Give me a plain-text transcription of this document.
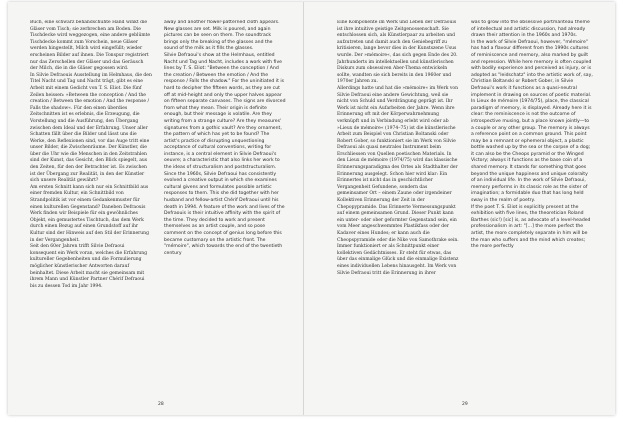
Buch, eine schwarz behandschuhte Hand winkt die Gläser vom Tisch; sie zerbrechen am Boden. Die Tischdecke wird weggezogen, eine andere geblümte Tischdecke kommt zum Vorschein, neue Gläser werden hingestellt, Milch wird eingefüllt; wieder erscheinen Bilder auf ihnen. Die Tonspur registriert nur das Zerschellen der Gläser und das Geräusch der Milch, die in die Gläser gegossen wird.
In Silvie Defraouis Ausstellung im Helmhaus, die den Titel Nacht und Tag und Nacht trägt, gibt es eine Arbeit mit einem Gedicht von T. S. Eliot. Die fünf Zeilen heissen: »Between the conception / And the creation / Between the emotion / And the response / Falls the shadow«. Für den einen überdies Zeitschnitten ist es erlebnis, die Erzeugung, die Vorstellung und die Ausführung, den Übergang zwischen dem Ideal und der Erfahrung. Unser aller Schatten fällt über die Bilder und lässt uns die Werke, den Reflexionen sind, vor das Auge tritt eine unser Bilder, die Zwischenräume. Der Künstler, die über die Uhr wie die Menschen in den Zeitstrahlen sind der Kunst, das Gesicht, den Blick spiegelt, aus den Zeiten, für den der Betrachter ist. Es zwischen ist der Übergang zur Realität, in den der Künstler sich unsere Realität gewährt?
Am ersten Schnitt kann sich nur ein Schnittbild aus einer fremden Kultur, ein Schnittbild von Strandpolitik ist vor einem Gedankenmuster für einen kulturellen Gegenstand? Daneben Defraouis Werk finden wir Beispiele für ein gewöhnliches Objekt, ein gemustertes Tischtuch, das dem Werk durch einen Bezug auf einen Grundstoff auf ihr Kultur sind der Hinweis auf den Stil der Erinnerung in der Vergangenheit.
Seit den 60er Jahren trifft Silvie Defraoui konsequent ein Werk voran, welches die Erfahrung kultureller Gegebenheiten und die Formulierung möglicher künstlerischer Antworten darauf beinhaltet. Diese Arbeit macht sie gemeinsam mit ihrem Mann und Künstler Partner Chérif Defraoui bis zu dessen Tod im Jahr 1994.

away and another flower-patterned cloth appears. New glasses are set. Milk is poured, and again pictures can be seen on them. The soundtrack brings only the breaking of the glasses and the sound of the milk as it fills the glasses.
Silvie Defraoui's show at the Helmhaus, entitled Nacht und Tag und Nacht, includes a work with five lines by T. S. Eliot: "Between the conception / And the creation / Between the emotion / And the response / Falls the shadow." For the uninitiated it is hard to decipher the fifteen words, as they are cut off at mid-height and only the upper halves appear on fifteen separate canvases. The signs are divorced from what they mean. Their origin is definite enough, but their message is volatile. Are they writing from a strange culture? Are they measures' signatures from a gothic vault? Are they ornament, the pattern of which has yet to be found? The artist's practice of disrupting unquestioning acceptance of cultural conventions, writing for instance, is a central element in Silvie Defraoui's oeuvre; a characteristic that also links her work to the ideas of structuralism and poststructuralism.
Since the 1960s, Silvie Defraoui has consistently evolved a creative output in which she examines cultural givens and formulates possible artistic responses to them. This she did together with her husband and fellow-artist Chérif Defraoui until his death in 1994. A feature of the work and lives of the Defraouis is their intuitive affinity with the spirit of the time. They decided to work and present themselves as an artist couple, and so pose comment on the concept of genius long before this became customary on the artistic front. The "mémoire", which towards the end of the twentieth century

28

Eine Komponente im Werk und Leben der Defraouis ist ihre intuitive geistige Zeitgenossenschaft. Sie entschlossen sich, als Künstlerpaar zu arbeiten und aufzutreten und damit auch den Geniebegriff zu kritisieren, lange bevor dies in der Kunstszene Usus wurde. Der »mémoire«, das sich gegen Ende des 20. Jahrhunderts im intellektuellen und künstlerischen Diskurs zum obsessiven Aber-Thema entwickeln sollte, wandten sie sich bereits in den 1960er und 1970er Jahren zu.
Allerdings hatte und hat die »mémoire« im Werk von Silvie Defraoui eine andere Gewichtung, weil sie nicht von Schuld und Verdrängung geprägt ist. Ihr Werk ist nicht ein Aufarbeiten der Jahre. Wenn ihre Erinnerung oft mit der Körperwahrnehmung verknüpft und in Verbindung erlebt wird oder ab »Lieux de mémoire« (1974–75) ist die künstlerische Arbeit zum Beispiel von Christian Boltanski oder Robert Gober, so funktioniert sie im Werk von Silvie Defraoui als quasi neutrales Instrument beim Erschliessen von Quellen poetischen Materials. In den Lieux de mémoire (1974/75) wird das klassische Erinnerungsparadigma des Ortes als Stadthalter der Erinnerung ausgelegt. Schon hier wird klar: Ein Erinnertes ist nicht das in geschichtlicher Vergangenheit Gefundene, sondern das gemeinsamer Ort – einem Zaune oder irgendeiner Kollektiven Erinnerung der Zeit in der Chepopypramide. Das Erinnerte Vermessungspunkt auf einem gemeinsamen Grund. Dieser Punkt kann ein unter- oder ober geformter Gegenstand sein, ein vom Meer angeschwemmtes Plastikfass oder der Kadaver eines Hundes; er kann auch die Cheopspyramide oder die Nike von Samothrake sein. Immer funktioniert er als Schnittpunkt einer kollektiven Gedächtnisses. Er steht für etwas, das über das einmalige Glück und die einmalige Existenz eines individuellen Lebens hinausgeht. Im Werk von Silvie Defraoui tritt die Erinnerung in ihrer

was to grow into the obsessive portmanteau theme of intellectual and artistic discussion, had already drawn their attention in the 1960s and 1970s.
In the work of Silvie Defraoui, however, "mémoire" has had a flavour different from the 1990s cultures of reminiscence and memory, also marked by guilt and repression. While here memory is often coupled with bodily experience and perceived as injury, or is adopted as "leidschatz" into the artistic work of, say, Christian Boltanski or Robert Gober, in Silvie Defraoui's work it functions as a quasi-neutral implement in drawing on sources of poetic material. In Lieux de mémoire (1974/75), place, the classical paradigm of memory, is displayed. Already here it is clear: the reminiscence is not the outcome of introspective musing, but a place known jointly—to a couple or any other group. The memory is always a reference point on a common ground. This point may be a remnant or ephemeral object, a plastic bottle washed up by the sea or the corpse of a dog; it can also be the Cheops pyramid or the Winged Victory; always it functions as the base coin of a shared memory. It stands for something that goes beyond the unique happiness and unique coloraity of an individual life. In the work of Silvie Defraoui, memory performs in its classic role as the sister of imagination; a formidable duo that has long held sway in the realm of poetry.
If the poet T. S. Eliot is explicitly present at the exhibition with five lines, the theoretician Roland Barthes (sic!) [sic] is, as advocate of a level-headed professionalism in art: "[…] the more perfect the artist, the more completely separate in him will be the man who suffers and the mind which creates; the more perfectly

29
